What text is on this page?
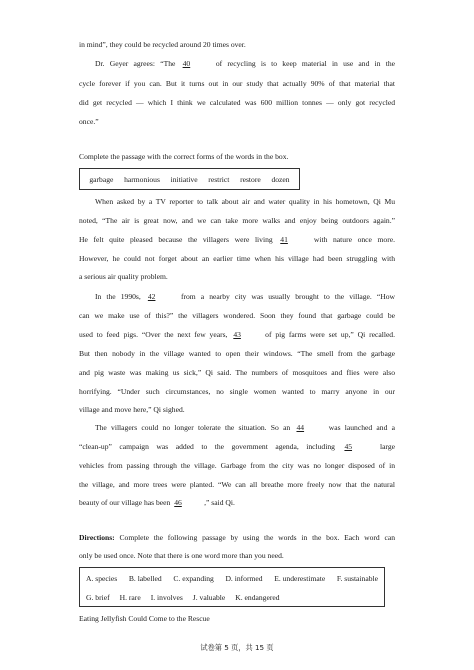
in mind”, they could be recycled around 20 times over.
Dr. Geyer agrees: “The 40	of recycling is to keep material in use and in the
cycle forever if you can. But it turns out in our study that actually 90% of that material that
did get recycled — which I think we calculated was 600 million tonnes — only got recycled
once.”
Complete the passage with the correct forms of the words in the box.
garbage harmonious initiative restrict restore dozen
When asked by a TV reporter to talk about air and water quality in his hometown, Qi Mu
noted, “The air is great now, and we can take more walks and enjoy being outdoors again.”
He felt quite pleased because the villagers were living 41	with nature once more.
However, he could not forget about an earlier time when his village had been struggling with
a serious air quality problem.
In the 1990s, 42	from a nearby city was usually brought to the village. “How
can we make use of this?” the villagers wondered. Soon they found that garbage could be
used to feed pigs. “Over the next few years, 43	of pig farms were set up,” Qi recalled.
But then nobody in the village wanted to open their windows. “The smell from the garbage
and pig waste was making us sick,” Qi said. The numbers of mosquitoes and flies were also
horrifying. “Under such circumstances, no single women wanted to marry anyone in our
village and move here,” Qi sighed.
The villagers could no longer tolerate the situation. So an 44	was launched and a
“clean-up” campaign was added to the government agenda, including 45	large
vehicles from passing through the village. Garbage from the city was no longer disposed of in
the village, and more trees were planted. “We can all breathe more freely now that the natural
beauty of our village has been 46	,” said Qi.
Directions: Complete the following passage by using the words in the box. Each word can
only be used once. Note that there is one word more than you need.
A. species B. labelled C. expanding D. informed E. underestimate F. sustainable
G. brief H. rare I. involves J. valuable K. endangered
Eating Jellyfish Could Come to the Rescue
试卷第 5 页，共 15 页
